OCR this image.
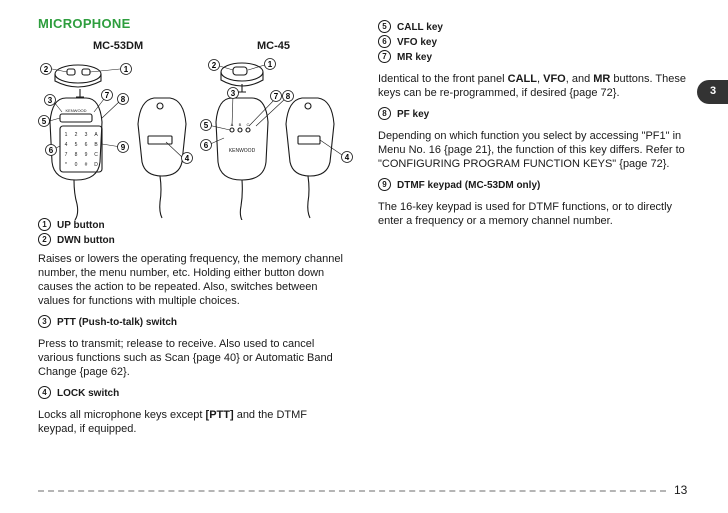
MICROPHONE
MC-53DM	MC-45
1 2 3 A
4 5 6 B
7 8 9 C
* 0 # D
KENWOOD
KENWOOD
A B C
2	1
7 8
3
5
9
6
4
2	1
3	7 8
5
6
4
1 UP button
2 DWN button
Raises or lowers the operating frequency, the memory channel number, the menu number, etc. Holding either button down causes the action to be repeated. Also, switches between values for functions with multiple choices.
3 PTT (Push-to-talk) switch
Press to transmit; release to receive. Also used to cancel various functions such as Scan {page 40} or Automatic Band Change {page 62}.
4 LOCK switch
Locks all microphone keys except [PTT] and the DTMF keypad, if equipped.
5 CALL key
6 VFO key
7 MR key
Identical to the front panel CALL, VFO, and MR buttons. These keys can be re-programmed, if desired {page 72}.
8 PF key
Depending on which function you select by accessing "PF1" in Menu No. 16 {page 21}, the function of this key differs. Refer to "CONFIGURING PROGRAM FUNCTION KEYS" {page 72}.
9 DTMF keypad (MC-53DM only)
The 16-key keypad is used for DTMF functions, or to directly enter a frequency or a memory channel number.
3
13
